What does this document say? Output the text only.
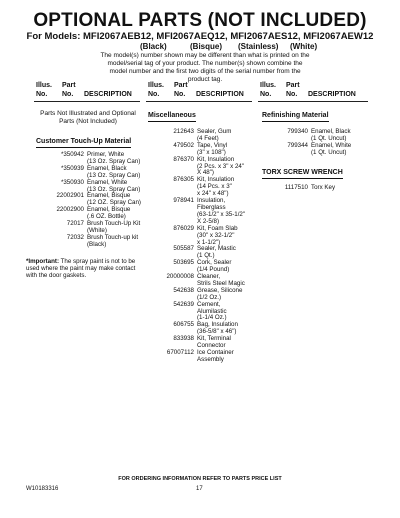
OPTIONAL PARTS (NOT INCLUDED)
For Models: MFI2067AEB12, MFI2067AEQ12, MFI2067AES12, MFI2067AEW12
(Black)	(Bisque) (Stainless) (White)
The model(s) number shown may be different than what is printed on the model/serial tag of your product. The number(s) shown combine the model number and the first two digits of the serial number from the product tag.
Illus.
No.Part
No. DESCRIPTION
Illus.
No.Part
No. DESCRIPTION
Illus.
No.Part
No. DESCRIPTION
Parts Not Illustrated and Optional Parts (Not Included)
Customer Touch-Up Material
*350942 Primer, White
(13 Oz. Spray Can)
*350939 Enamel, Black
(13 Oz. Spray Can)
*350930 Enamel, White
(13 Oz. Spray Can)
22002901 Enamel, Bisque
(12 OZ. Spray Can)
22002900 Enamel, Bisque
(.6 OZ. Bottle)
72017 Brush Touch-Up Kit
(White)
72032 Brush Touch-up kit
(Black)
*Important: The spray paint is not to be used where the paint may make contact with the door gaskets.
Miscellaneous
212643 Sealer, Gum
(4 Feet)
479502 Tape, Vinyl
(3" x 108")
876370 Kit, Insulation
(2 Pcs. x 3" x 24"
X 48")
876305 Kit, Insulation
(14 Pcs. x 3"
x 24" x 48")
978941 Insulation,
Fiberglass
(63-1/2" x 35-1/2"
X 2-5/8)
876029 Kit, Foam Slab
(30" x 32-1/2"
x 1-1/2")
505587 Sealer, Mastic
(1 Qt.)
503695 Cork, Sealer
(1/4 Pound)
20000008 Cleaner,
Strils Steel Magic
542638 Grease, Silicone
(1/2 Oz.)
542639 Cement,
Alumilastic
(1-1/4 Oz.)
606755 Bag, Insulation
(36-5/8" x 46")
833938 Kit, Terminal
Connector
67007112 Ice Container
Assembly
Refinishing Material
799340 Enamel, Black
(1 Qt. Uncut)
799344 Enamel, White
(1 Qt. Uncut)
TORX SCREW WRENCH
1117510 Torx Key
FOR ORDERING INFORMATION REFER TO PARTS PRICE LIST
W10183316	17
